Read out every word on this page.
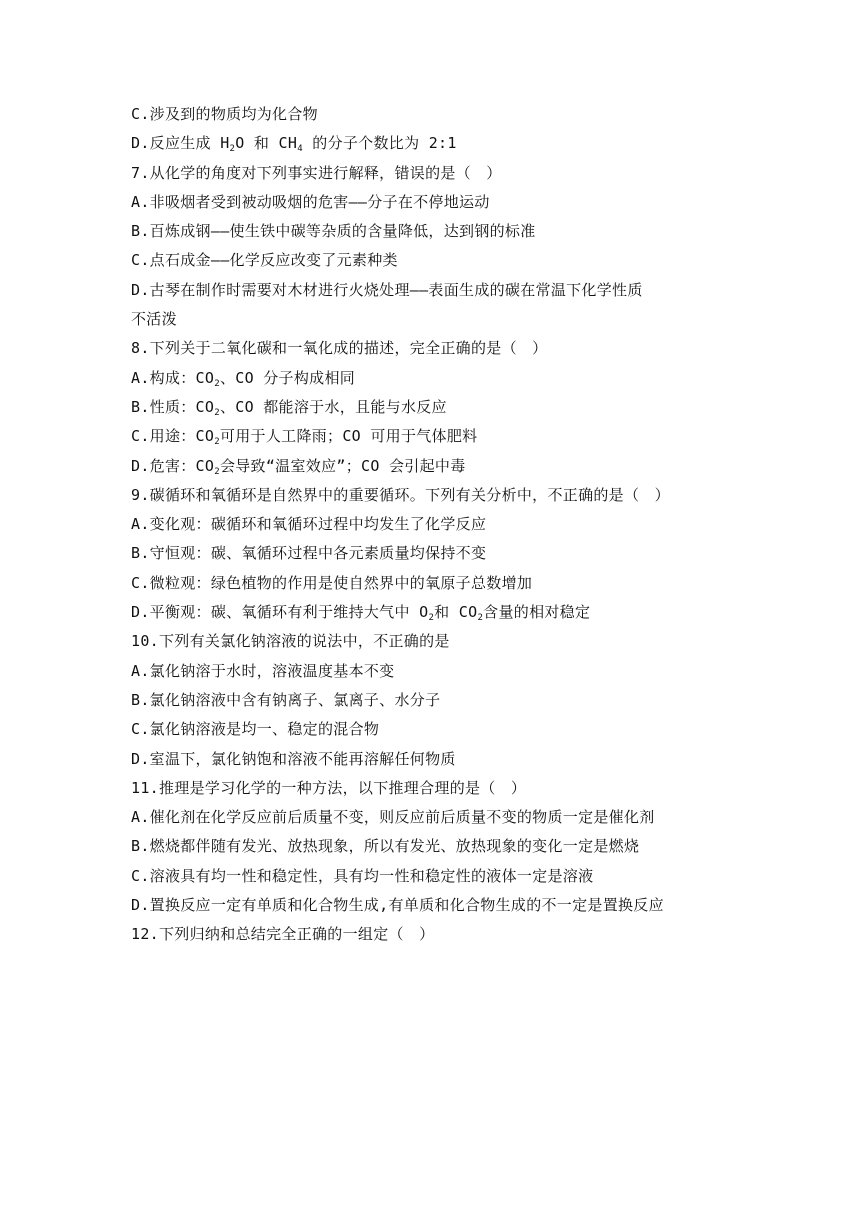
C.涉及到的物质均为化合物
D.反应生成 $H_2O$ 和 $CH_4$ 的分子个数比为 2:1
7.从化学的角度对下列事实进行解释，错误的是（　）
A.非吸烟者受到被动吸烟的危害——分子在不停地运动
B.百炼成钢——使生铁中碳等杂质的含量降低，达到钢的标准
C.点石成金——化学反应改变了元素种类
D.古琴在制作时需要对木材进行火烧处理——表面生成的碳在常温下化学性质
不活泼
8.下列关于二氧化碳和一氧化成的描述，完全正确的是（　）
A.构成：$CO_2$、CO 分子构成相同
B.性质：$CO_2$、CO 都能溶于水，且能与水反应
C.用途：$CO_2$可用于人工降雨；CO 可用于气体肥料
D.危害：$CO_2$会导致“温室效应”；CO 会引起中毒
9.碳循环和氧循环是自然界中的重要循环。下列有关分析中，不正确的是（　）
A.变化观：碳循环和氧循环过程中均发生了化学反应
B.守恒观：碳、氧循环过程中各元素质量均保持不变
C.微粒观：绿色植物的作用是使自然界中的氧原子总数增加
D.平衡观：碳、氧循环有利于维持大气中 $O_2$和 $CO_2$含量的相对稳定
10.下列有关氯化钠溶液的说法中，不正确的是
A.氯化钠溶于水时，溶液温度基本不变
B.氯化钠溶液中含有钠离子、氯离子、水分子
C.氯化钠溶液是均一、稳定的混合物
D.室温下，氯化钠饱和溶液不能再溶解任何物质
11.推理是学习化学的一种方法，以下推理合理的是（　）
A.催化剂在化学反应前后质量不变，则反应前后质量不变的物质一定是催化剂
B.燃烧都伴随有发光、放热现象，所以有发光、放热现象的变化一定是燃烧
C.溶液具有均一性和稳定性，具有均一性和稳定性的液体一定是溶液
D.置换反应一定有单质和化合物生成,有单质和化合物生成的不一定是置换反应
12.下列归纳和总结完全正确的一组定（　）
